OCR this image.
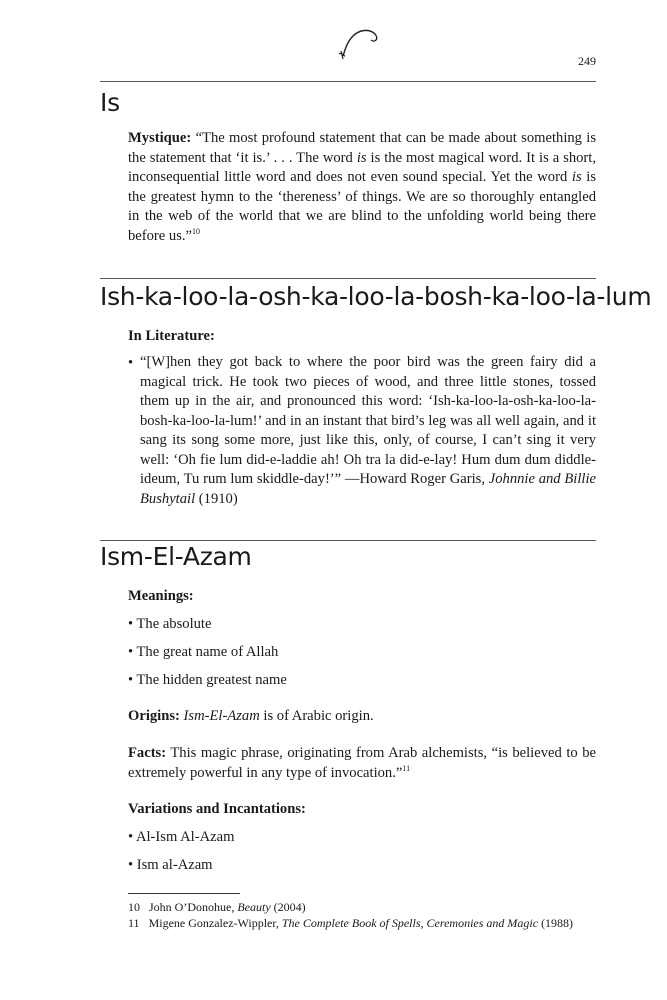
249
Is

Mystique: “The most profound statement that can be made about something is the statement that ‘it is.’ . . . The word is is the most magical word. It is a short, inconsequential little word and does not even sound special. Yet the word is is the greatest hymn to the ‘thereness’ of things. We are so thoroughly entangled in the web of the world that we are blind to the unfolding world being there before us.”$^{10}$

Ish-ka-loo-la-osh-ka-loo-la-bosh-ka-loo-la-lum
In Literature:
• “[W]hen they got back to where the poor bird was the green fairy did a magical trick. He took two pieces of wood, and three little stones, tossed them up in the air, and pronounced this word: ‘Ish-ka-loo-la-osh-ka-loo-la-bosh-ka-loo-la-lum!’ and in an instant that bird’s leg was all well again, and it sang its song some more, just like this, only, of course, I can’t sing it very well: ‘Oh fie lum did-e-laddie ah! Oh tra la did-e-lay! Hum dum dum diddle-ideum, Tu rum lum skiddle-day!’” —Howard Roger Garis, Johnnie and Billie Bushytail (1910)

Ism-El-Azam
Meanings:
• The absolute
• The great name of Allah
• The hidden greatest name

Origins: Ism-El-Azam is of Arabic origin.

Facts: This magic phrase, originating from Arab alchemists, “is believed to be extremely powerful in any type of invocation.”$^{11}$

Variations and Incantations:
• Al-Ism Al-Azam
• Ism al-Azam

10 John O’Donohue, Beauty (2004)

11 Migene Gonzalez-Wippler, The Complete Book of Spells, Ceremonies and Magic (1988)
